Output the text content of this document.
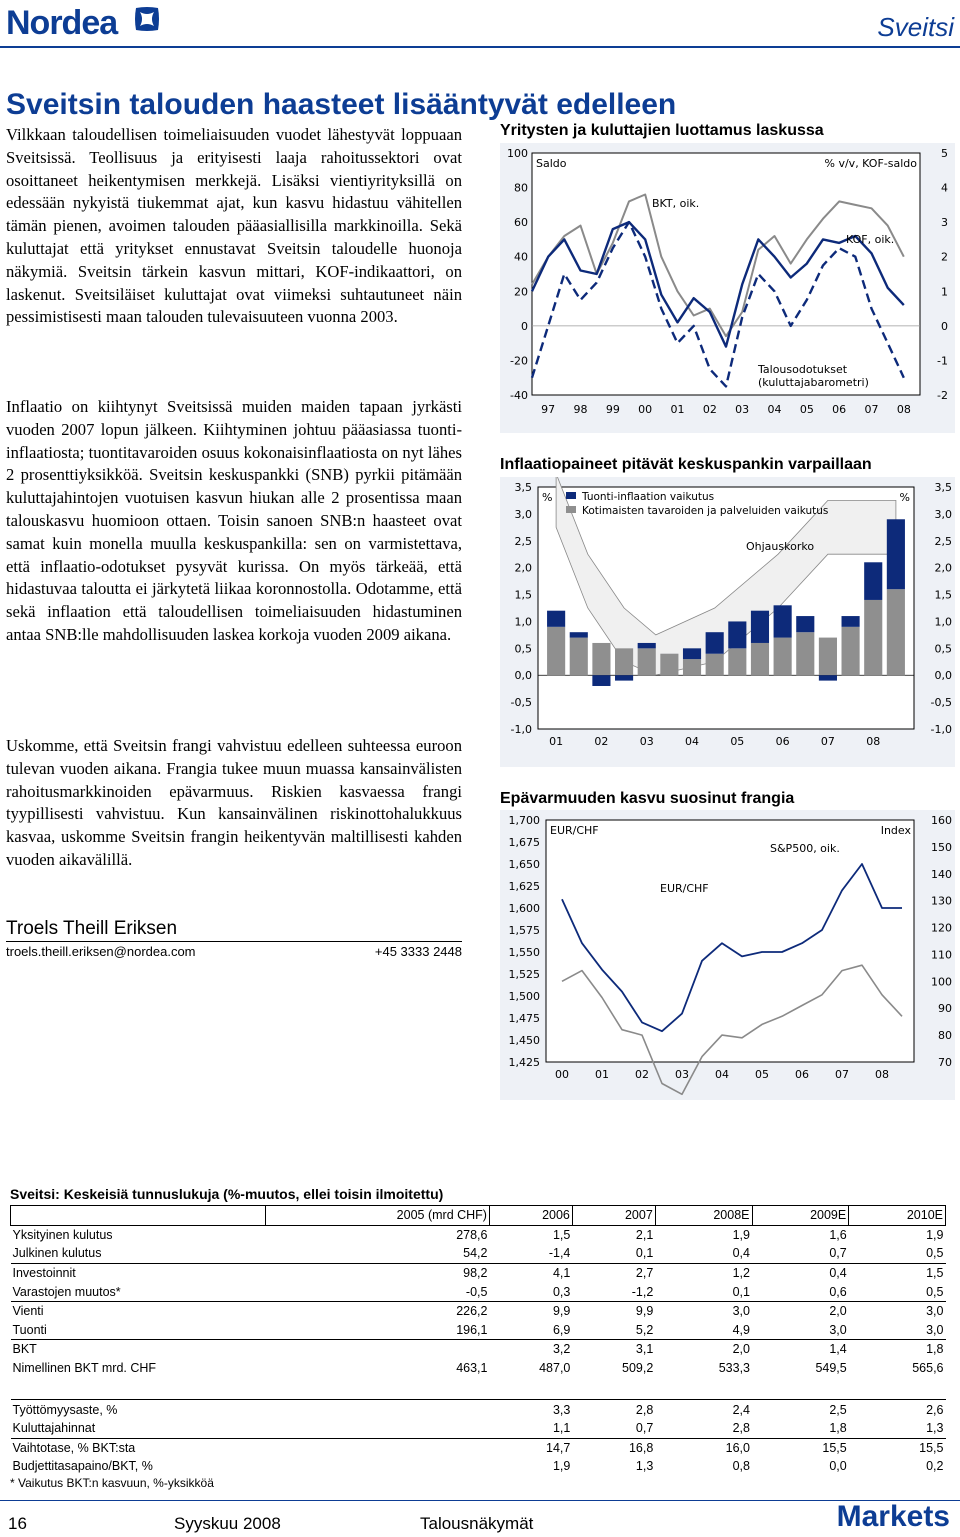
Nordea	Sveitsi
Sveitsin talouden haasteet lisääntyvät edelleen

Vilkkaan taloudellisen toimeliaisuuden vuodet lähestyvät loppuaan Sveitsissä. Teollisuus ja erityisesti laaja rahoitussektori ovat osoittaneet heikentymisen merkkejä. Lisäksi vientiyrityksillä on edessään nykyistä tiukemmat ajat, kun kasvu hidastuu vähitellen tämän pienen, avoimen talouden pääasiallisilla markkinoilla. Sekä kuluttajat että yritykset ennustavat Sveitsin taloudelle huonoja näkymiä. Sveitsin tärkein kasvun mittari, KOF-indikaattori, on laskenut. Sveitsiläiset kuluttajat ovat viimeksi suhtautuneet näin pessimistisesti maan talouden tulevaisuuteen vuonna 2003.

Inflaatio on kiihtynyt Sveitsissä muiden maiden tapaan jyrkästi vuoden 2007 lopun jälkeen. Kiihtyminen johtuu pääasiassa tuonti-inflaatiosta; tuontitavaroiden osuus kokonaisinflaatiosta on nyt lähes 2 prosenttiyksikköä. Sveitsin keskuspankki (SNB) pyrkii pitämään kuluttajahintojen vuotuisen kasvun hiukan alle 2 prosentissa maan talouskasvu huomioon ottaen. Toisin sanoen SNB:n haasteet ovat samat kuin monella muulla keskuspankilla: sen on varmistettava, että inflaatio-odotukset pysyvät kurissa. On myös tärkeää, että hidastuvaa taloutta ei järkytetä liikaa koronnostolla. Odotamme, että sekä inflaation että taloudellisen toimeliaisuuden hidastuminen antaa SNB:lle mahdollisuuden laskea korkoja vuoden 2009 aikana.

Uskomme, että Sveitsin frangi vahvistuu edelleen suhteessa euroon tulevan vuoden aikana. Frangia tukee muun muassa kansainvälisten rahoitusmarkkinoiden epävarmuus. Riskien kasvaessa frangi tyypillisesti vahvistuu. Kun kansainvälinen riskinottohalukkuus kasvaa, uskomme Sveitsin frangin heikentyvän maltillisesti kahden vuoden aikavälillä.

Troels Theill Eriksen
troels.theill.eriksen@nordea.com	+45 3333 2448
Yritysten ja kuluttajien luottamus laskussa
100
80
60
40
20
0
-20
-40
5
4
3
2
1
0
-1
-2
97 98 99 00 01 02 03 04 05 06 07 08
Saldo	% v/v, KOF-saldo
BKT, oik.
KOF, oik.
Talousodotukset
(kuluttajabarometri)
Inflaatiopaineet pitävät keskuspankin varpaillaan
3,5
3,0
2,5
2,0
1,5
1,0
0,5
0,0
-0,5
-1,0
3,5
3,0
2,5
2,0
1,5
1,0
0,5
0,0
-0,5
-1,0
01	02	03	04	05	06	07	08
%	%
Tuonti-inflaation vaikutus
Kotimaisten tavaroiden ja palveluiden vaikutus
Ohjauskorko
Epävarmuuden kasvu suosinut frangia
1,700
1,675
1,650
1,625
1,600
1,575
1,550
1,525
1,500
1,475
1,450
1,425
160
150
140
130
120
110
100
90
80
70
00 01 02 03 04 05 06 07 08
EUR/CHF	Index
S&P500, oik.
EUR/CHF
Sveitsi: Keskeisiä tunnuslukuja (%-muutos, ellei toisin ilmoitettu)
	2005 (mrd CHF)	2006	2007	2008E	2009E	2010E
Yksityinen kulutus	278,6	1,5	2,1	1,9	1,6	1,9
Julkinen kulutus	54,2	-1,4	0,1	0,4	0,7	0,5
Investoinnit	98,2	4,1	2,7	1,2	0,4	1,5
Varastojen muutos*	-0,5	0,3	-1,2	0,1	0,6	0,5
Vienti	226,2	9,9	9,9	3,0	2,0	3,0
Tuonti	196,1	6,9	5,2	4,9	3,0	3,0
BKT		3,2	3,1	2,0	1,4	1,8
Nimellinen BKT mrd. CHF	463,1	487,0	509,2	533,3	549,5	565,6

Työttömyysaste, %		3,3	2,8	2,4	2,5	2,6
Kuluttajahinnat		1,1	0,7	2,8	1,8	1,3
Vaihtotase, % BKT:sta		14,7	16,8	16,0	15,5	15,5
Budjettitasapaino/BKT, %		1,9	1,3	0,8	0,0	0,2
* Vaikutus BKT:n kasvuun, %-yksikköä
16	Syyskuu 2008	Talousnäkymät	Markets
